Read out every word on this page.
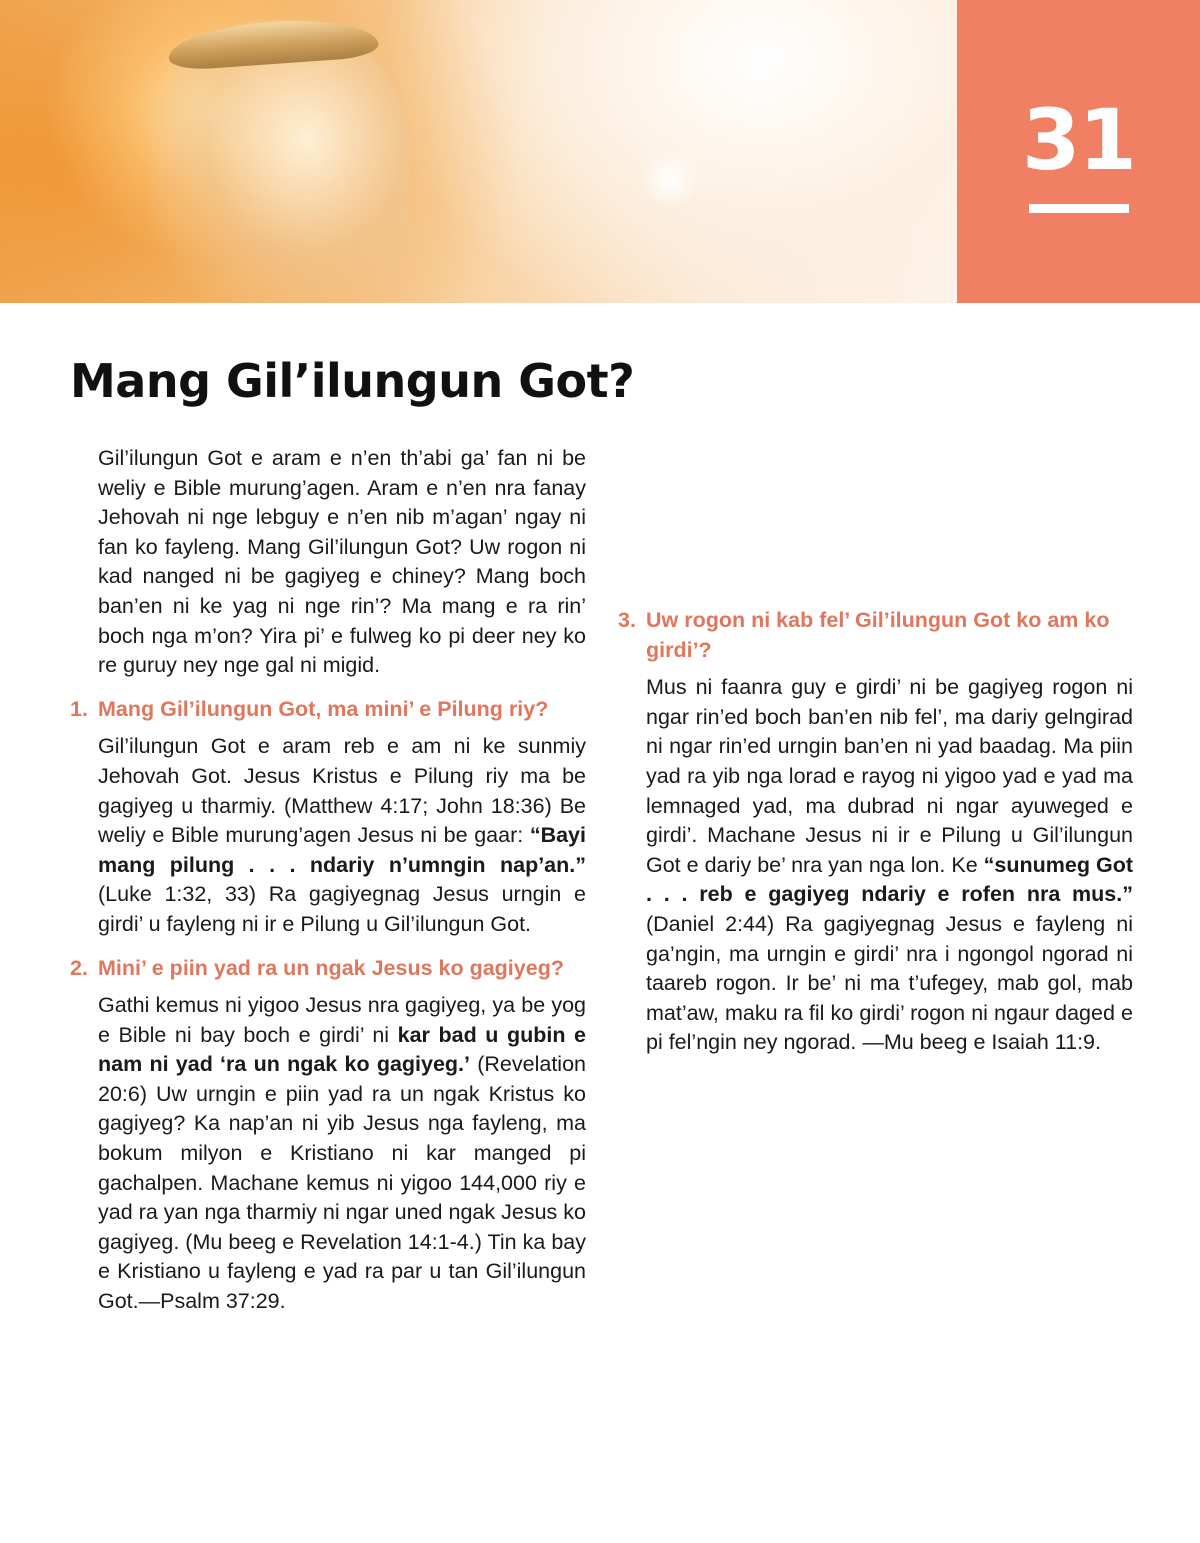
31
Mang Gil’ilungun Got?

Gil’ilungun Got e aram e n’en th’abi ga’ fan ni be weliy e Bible murung’agen. Aram e n’en nra fanay Jehovah ni nge lebguy e n’en nib m’agan’ ngay ni fan ko fayleng. Mang Gil’ilungun Got? Uw rogon ni kad nanged ni be gagiyeg e chiney? Mang boch ban’en ni ke yag ni nge rin’? Ma mang e ra rin’ boch nga m’on? Yira pi’ e fulweg ko pi deer ney ko re guruy ney nge gal ni migid.

1. Mang Gil’ilungun Got, ma mini’ e Pilung riy?

Gil’ilungun Got e aram reb e am ni ke sunmiy Jehovah Got. Jesus Kristus e Pilung riy ma be gagiyeg u tharmiy. (Matthew 4:17; John 18:36) Be weliy e Bible murung’agen Jesus ni be gaar: “Bayi mang pilung . . . ndariy n’umngin nap’an.” (Luke 1:32, 33) Ra gagiyegnag Jesus urngin e girdi’ u fayleng ni ir e Pilung u Gil’ilungun Got.

2. Mini’ e piin yad ra un ngak Jesus ko gagiyeg?

Gathi kemus ni yigoo Jesus nra gagiyeg, ya be yog e Bible ni bay boch e girdi’ ni kar bad u gubin e nam ni yad ‘ra un ngak ko gagiyeg.’ (Revelation 20:6) Uw urngin e piin yad ra un ngak Kristus ko gagiyeg? Ka nap’an ni yib Jesus nga fayleng, ma bokum milyon e Kristiano ni kar manged pi gachalpen. Machane kemus ni yigoo 144,000 riy e yad ra yan nga tharmiy ni ngar uned ngak Jesus ko gagiyeg. (Mu beeg e Revelation 14:1-4.) Tin ka bay e Kristiano u fayleng e yad ra par u tan Gil’ilungun Got.—Psalm 37:29.

3. Uw rogon ni kab fel’ Gil’ilungun Got ko am ko girdi’?

Mus ni faanra guy e girdi’ ni be gagiyeg rogon ni ngar rin’ed boch ban’en nib fel’, ma dariy gelngirad ni ngar rin’ed urngin ban’en ni yad baadag. Ma piin yad ra yib nga lorad e rayog ni yigoo yad e yad ma lemnaged yad, ma dubrad ni ngar ayuweged e girdi’. Machane Jesus ni ir e Pilung u Gil’ilungun Got e dariy be’ nra yan nga lon. Ke “sunumeg Got . . . reb e gagiyeg ndariy e rofen nra mus.” (Daniel 2:44) Ra gagiyegnag Jesus e fayleng ni ga’ngin, ma urngin e girdi’ nra i ngongol ngorad ni taareb rogon. Ir be’ ni ma t’ufegey, mab gol, mab mat’aw, maku ra fil ko girdi’ rogon ni ngaur daged e pi fel’ngin ney ngorad. —Mu beeg e Isaiah 11:9.
